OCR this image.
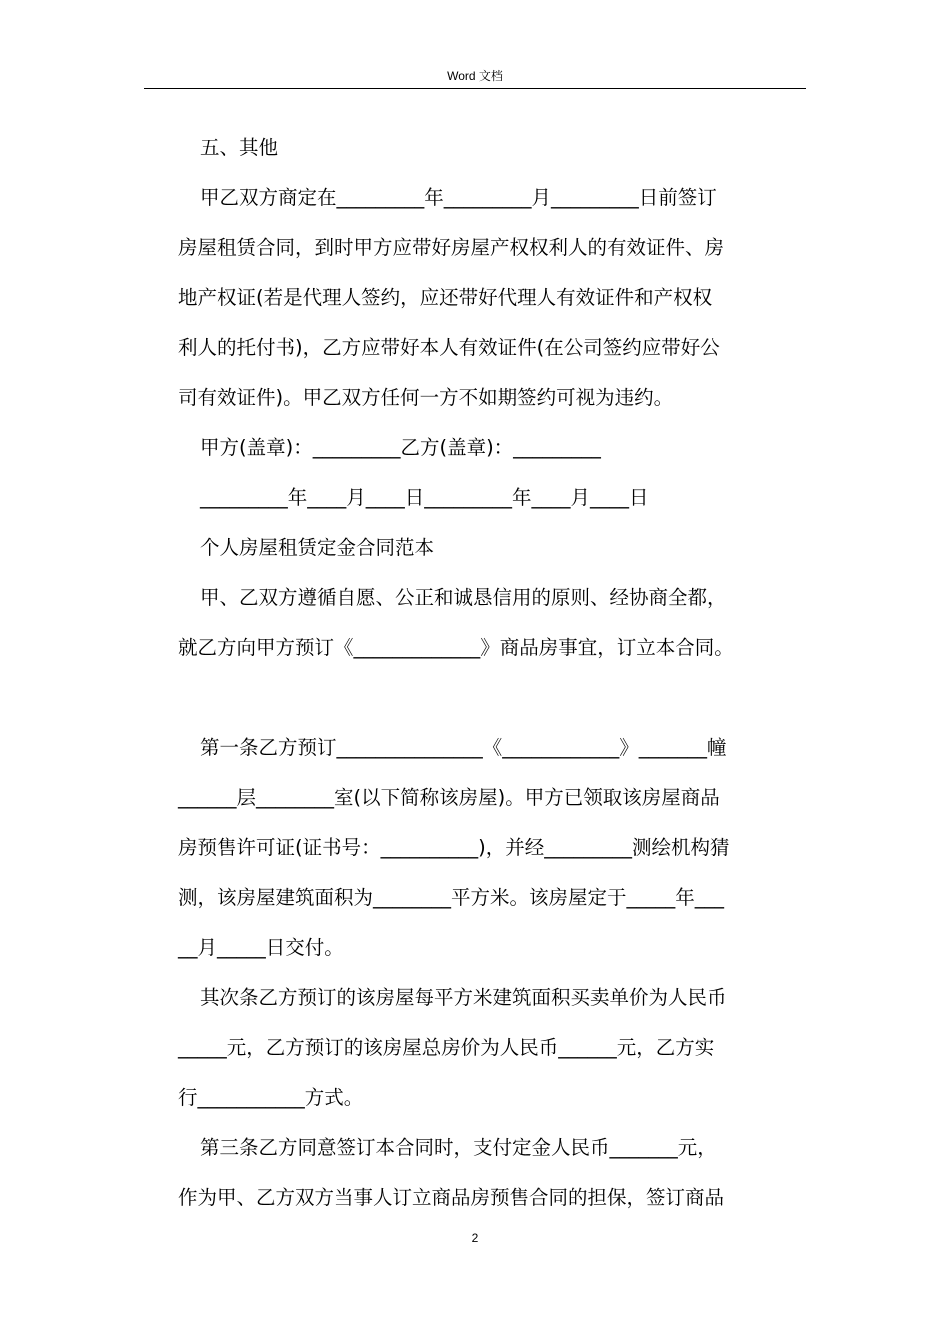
Word 文档
五、其他
甲乙双方商定在_________年_________月_________日前签订
房屋租赁合同，到时甲方应带好房屋产权权利人的有效证件、房
地产权证(若是代理人签约，应还带好代理人有效证件和产权权
利人的托付书)，乙方应带好本人有效证件(在公司签约应带好公
司有效证件)。甲乙双方任何一方不如期签约可视为违约。
甲方(盖章)：_________乙方(盖章)：_________
_________年____月____日_________年____月____日
个人房屋租赁定金合同范本
甲、乙双方遵循自愿、公正和诚恳信用的原则、经协商全都，
就乙方向甲方预订《_____________》商品房事宜，订立本合同。
第一条乙方预订_______________《____________》_______幢
______层________室(以下简称该房屋)。甲方已领取该房屋商品
房预售许可证(证书号：__________)，并经_________测绘机构猜
测，该房屋建筑面积为________平方米。该房屋定于_____年___
__月_____日交付。
其次条乙方预订的该房屋每平方米建筑面积买卖单价为人民币
_____元，乙方预订的该房屋总房价为人民币______元，乙方实
行___________方式。
第三条乙方同意签订本合同时，支付定金人民币_______元，
作为甲、乙方双方当事人订立商品房预售合同的担保，签订商品
2
